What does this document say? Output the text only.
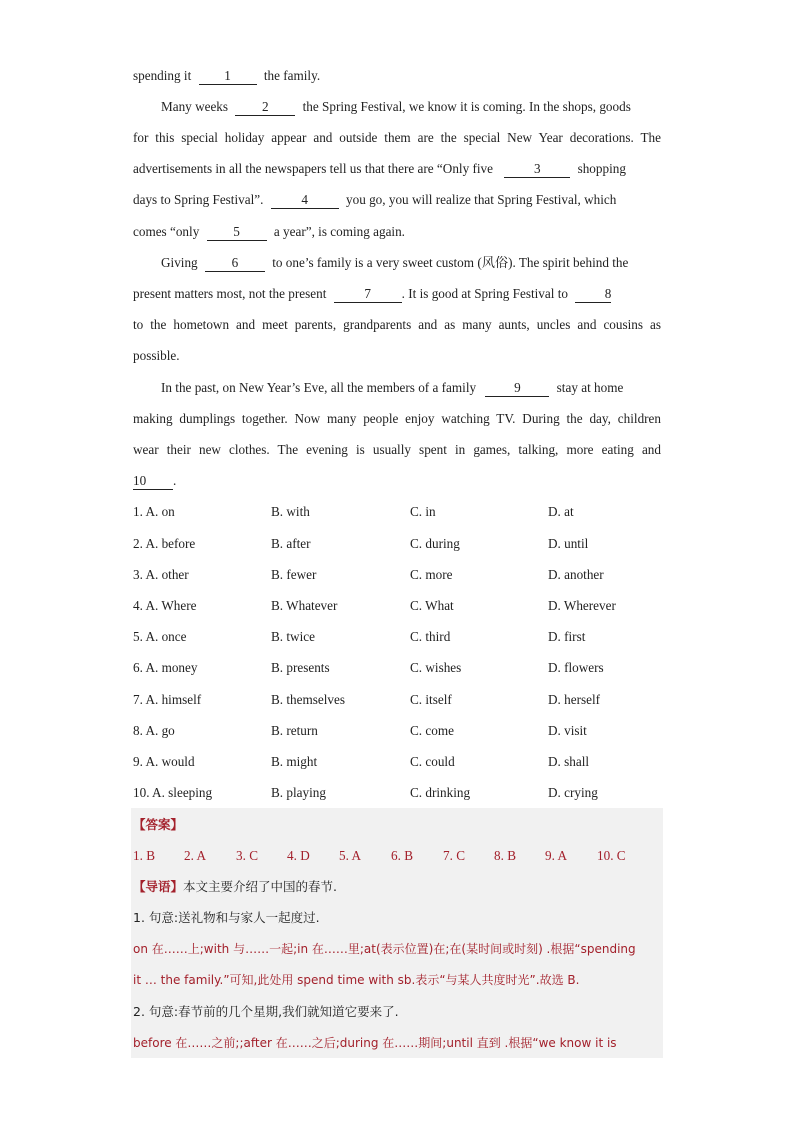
spending it	1	the family.
Many weeks	2	the Spring Festival, we know it is coming. In the shops, goods
for this special holiday appear and outside them are the special New Year decorations. The
advertisements in all the newspapers tell us that there are “Only five	3	shopping
days to Spring Festival”.	4	you go, you will realize that Spring Festival, which
comes “only	5	a year”, is coming again.
Giving	6	to one’s family is a very sweet custom (风俗). The spirit behind the
present matters most, not the present	7 . It is good at Spring Festival to	8
to the hometown and meet parents, grandparents and as many aunts, uncles and cousins as
possible.
In the past, on New Year’s Eve, all the members of a family	9	stay at home
making dumplings together. Now many people enjoy watching TV. During the day, children
wear their new clothes. The evening is usually spent in games, talking, more eating and
10 .
1. A. on	B. with	C. in	D. at
2. A. before	B. after	C. during	D. until
3. A. other	B. fewer	C. more	D. another
4. A. Where	B. Whatever	C. What	D. Wherever
5. A. once	B. twice	C. third	D. first
6. A. money	B. presents	C. wishes	D. flowers
7. A. himself	B. themselves	C. itself	D. herself
8. A. go	B. return	C. come	D. visit
9. A. would	B. might	C. could	D. shall
10. A. sleeping	B. playing	C. drinking	D. crying
【答案】
1. B 2. A 3. C 4. D 5. A 6. B 7. C 8. B 9. A 10. C
【导语】本文主要介绍了中国的春节.
1. 句意:送礼物和与家人一起度过.
on 在……上;with 与……一起;in 在……里;at(表示位置)在;在(某时间或时刻) .根据“spending
it … the family.”可知,此处用 spend time with sb.表示“与某人共度时光”.故选 B.
2. 句意:春节前的几个星期,我们就知道它要来了.
before 在……之前;;after 在……之后;during 在……期间;until 直到 .根据“we know it is
